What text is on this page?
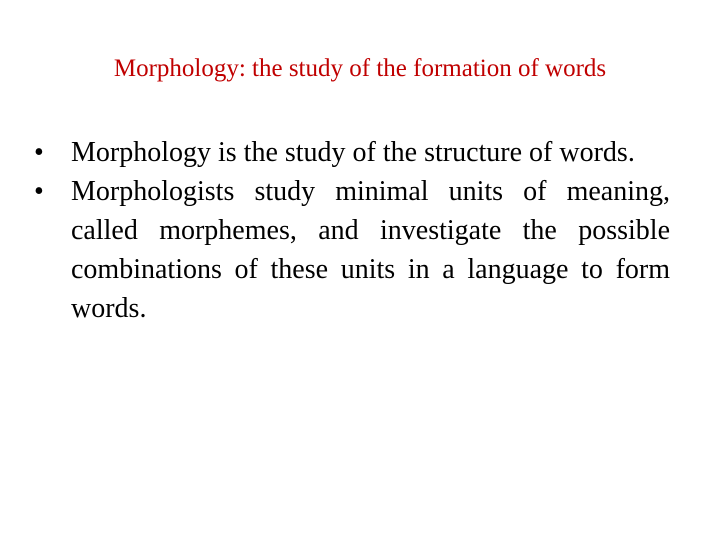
Morphology: the study of the formation of words
• Morphology is the study of the structure of words.
• Morphologists study minimal units of meaning, called morphemes, and investigate the possible combinations of these units in a language to form words.
